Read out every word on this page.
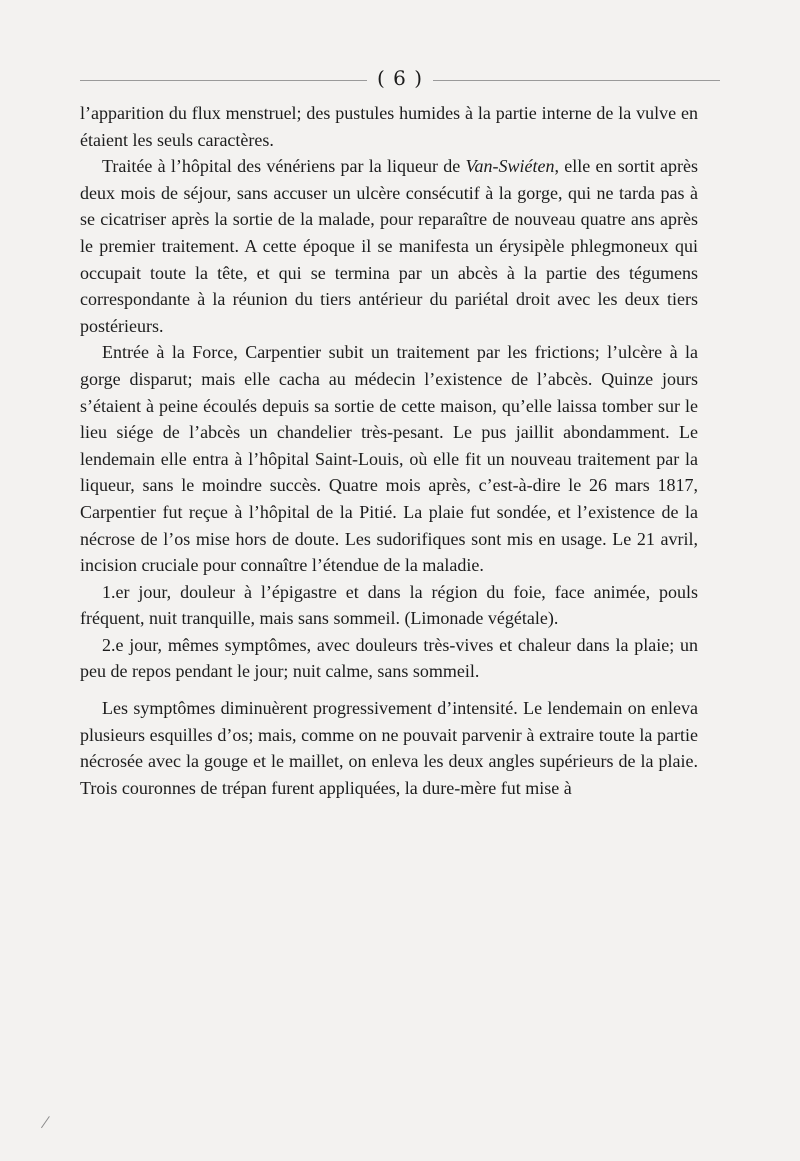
( 6 )

l’apparition du flux menstruel; des pustules humides à la partie interne de la vulve en étaient les seuls caractères.

Traitée à l’hôpital des vénériens par la liqueur de Van-Swiéten, elle en sortit après deux mois de séjour, sans accuser un ulcère consécutif à la gorge, qui ne tarda pas à se cicatriser après la sortie de la malade, pour reparaître de nouveau quatre ans après le premier traitement. A cette époque il se manifesta un érysipèle phlegmoneux qui occupait toute la tête, et qui se termina par un abcès à la partie des tégumens correspondante à la réunion du tiers antérieur du pariétal droit avec les deux tiers postérieurs.

Entrée à la Force, Carpentier subit un traitement par les frictions; l’ulcère à la gorge disparut; mais elle cacha au médecin l’existence de l’abcès. Quinze jours s’étaient à peine écoulés depuis sa sortie de cette maison, qu’elle laissa tomber sur le lieu siége de l’abcès un chandelier très-pesant. Le pus jaillit abondamment. Le lendemain elle entra à l’hôpital Saint-Louis, où elle fit un nouveau traitement par la liqueur, sans le moindre succès. Quatre mois après, c’est-à-dire le 26 mars 1817, Carpentier fut reçue à l’hôpital de la Pitié. La plaie fut sondée, et l’existence de la nécrose de l’os mise hors de doute. Les sudorifiques sont mis en usage. Le 21 avril, incision cruciale pour connaître l’étendue de la maladie.

1.er jour, douleur à l’épigastre et dans la région du foie, face animée, pouls fréquent, nuit tranquille, mais sans sommeil. (Limonade végétale).

2.e jour, mêmes symptômes, avec douleurs très-vives et chaleur dans la plaie; un peu de repos pendant le jour; nuit calme, sans sommeil.

Les symptômes diminuèrent progressivement d’intensité. Le lendemain on enleva plusieurs esquilles d’os; mais, comme on ne pouvait parvenir à extraire toute la partie nécrosée avec la gouge et le maillet, on enleva les deux angles supérieurs de la plaie. Trois couronnes de trépan furent appliquées, la dure-mère fut mise à
